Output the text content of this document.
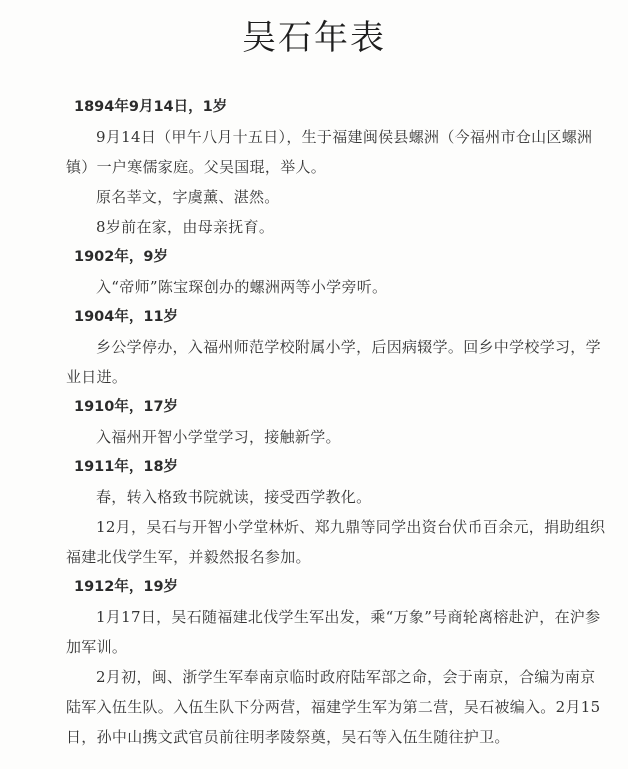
吴石年表
1894年9月14日，1岁

9月14日（甲午八月十五日），生于福建闽侯县螺洲（今福州市仓山区螺洲镇）一户寒儒家庭。父吴国琨，举人。

原名莘文，字虞薰、湛然。

8岁前在家，由母亲抚育。

1902年，9岁

入“帝师”陈宝琛创办的螺洲两等小学旁听。

1904年，11岁

乡公学停办，入福州师范学校附属小学，后因病辍学。回乡中学校学习，学业日进。

1910年，17岁

入福州开智小学堂学习，接触新学。

1911年，18岁

春，转入格致书院就读，接受西学教化。

12月，吴石与开智小学堂林炘、郑九鼎等同学出资台伏币百余元，捐助组织福建北伐学生军，并毅然报名参加。

1912年，19岁

1月17日，吴石随福建北伐学生军出发，乘“万象”号商轮离榕赴沪，在沪参加军训。

2月初，闽、浙学生军奉南京临时政府陆军部之命，会于南京，合编为南京陆军入伍生队。入伍生队下分两营，福建学生军为第二营，吴石被编入。2月15日，孙中山携文武官员前往明孝陵祭奠，吴石等入伍生随往护卫。
